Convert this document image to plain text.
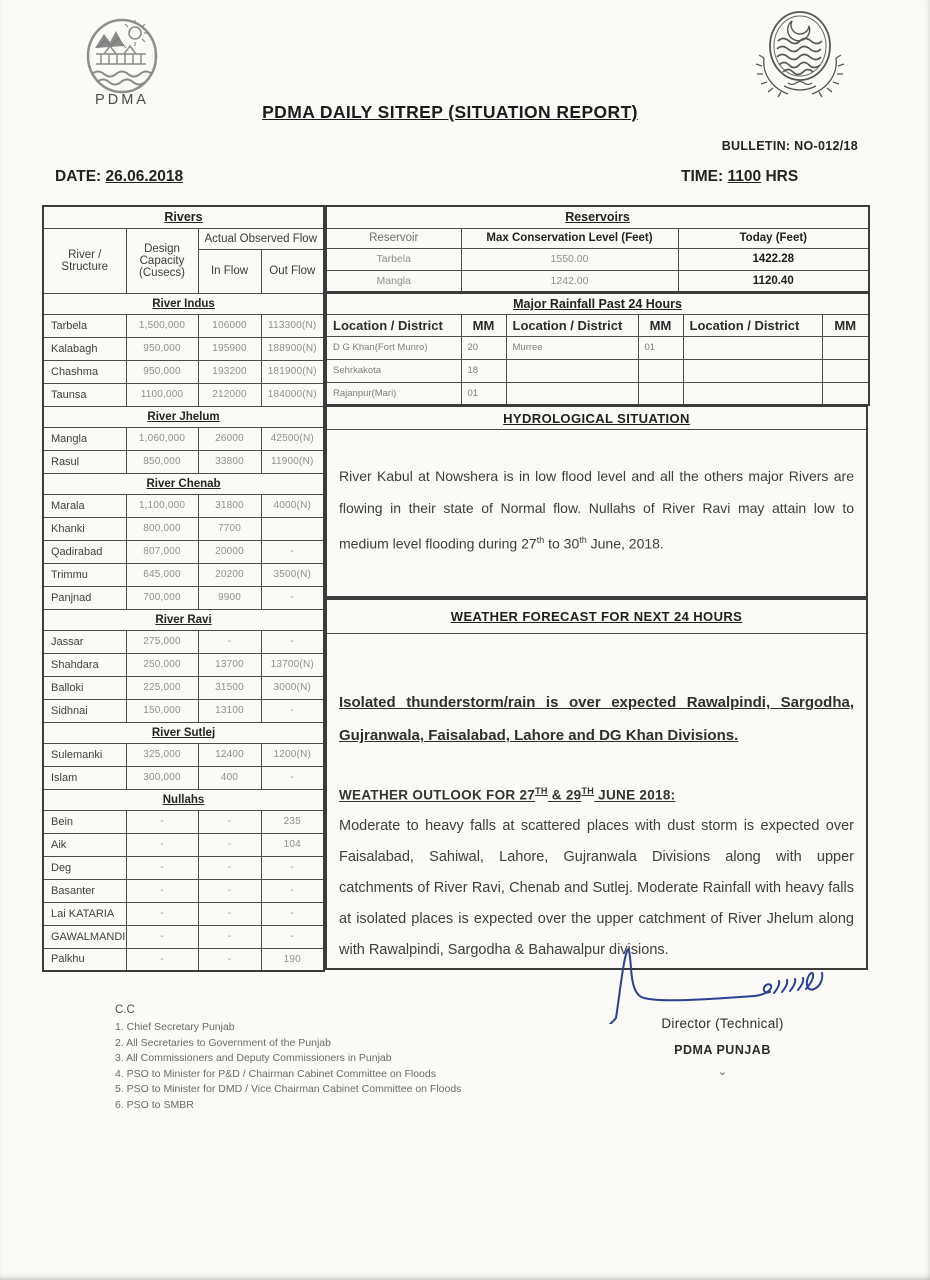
PDMA
PDMA DAILY SITREP (SITUATION REPORT)
BULLETIN: NO-012/18
DATE: 26.06.2018	TIME: 1100 HRS
Rivers			
River / Structure	Design Capacity (Cusecs)	Actual Observed Flow	
		In Flow	Out Flow
River Indus			
Tarbela	1,500,000	106000	113300(N)
Kalabagh	950,000	195900	188900(N)
Chashma	950,000	193200	181900(N)
Taunsa	1100,000	212000	184000(N)
River Jhelum			
Mangla	1,060,000	26000	42500(N)
Rasul	850,000	33800	11900(N)
River Chenab			
Marala	1,100,000	31800	4000(N)
Khanki	800,000	7700	
Qadirabad	807,000	20000	-
Trimmu	645,000	20200	3500(N)
Panjnad	700,000	9900	-
River Ravi			
Jassar	275,000	-	-
Shahdara	250,000	13700	13700(N)
Balloki	225,000	31500	3000(N)
Sidhnai	150,000	13100	-
River Sutlej			
Sulemanki	325,000	12400	1200(N)
Islam	300,000	400	-
Nullahs			
Bein	-	-	235
Aik	-	-	104
Deg	-	-	-
Basanter	-	-	-
Lai KATARIA	-	-	-
GAWALMANDI	-	-	-
Palkhu	-	-	190
Reservoirs		
Reservoir	Max Conservation Level (Feet)	Today (Feet)
Tarbela	1550.00	1422.28
Mangla	1242.00	1120.40
Major Rainfall Past 24 Hours					
Location / District	MM	Location / District	MM	Location / District	MM
D G Khan(Fort Munro)	20	Murree	01		
Sehrkakota	18				
Rajanpur(Mari)	01				
HYDROLOGICAL SITUATION

River Kabul at Nowshera is in low flood level and all the others major Rivers are flowing in their state of Normal flow. Nullahs of River Ravi may attain low to medium level flooding during 27th to 30th June, 2018.

WEATHER FORECAST FOR NEXT 24 HOURS

Isolated thunderstorm/rain is over expected Rawalpindi, Sargodha, Gujranwala, Faisalabad, Lahore and DG Khan Divisions.

WEATHER OUTLOOK FOR 27TH & 29TH JUNE 2018:

Moderate to heavy falls at scattered places with dust storm is expected over Faisalabad, Sahiwal, Lahore, Gujranwala Divisions along with upper catchments of River Ravi, Chenab and Sutlej. Moderate Rainfall with heavy falls at isolated places is expected over the upper catchment of River Jhelum along with Rawalpindi, Sargodha & Bahawalpur divisions.

C.C
1. Chief Secretary Punjab
2. All Secretaries to Government of the Punjab
3. All Commissioners and Deputy Commissioners in Punjab
4. PSO to Minister for P&D / Chairman Cabinet Committee on Floods
5. PSO to Minister for DMD / Vice Chairman Cabinet Committee on Floods
6. PSO to SMBR
Director (Technical)
PDMA PUNJAB
⌄
